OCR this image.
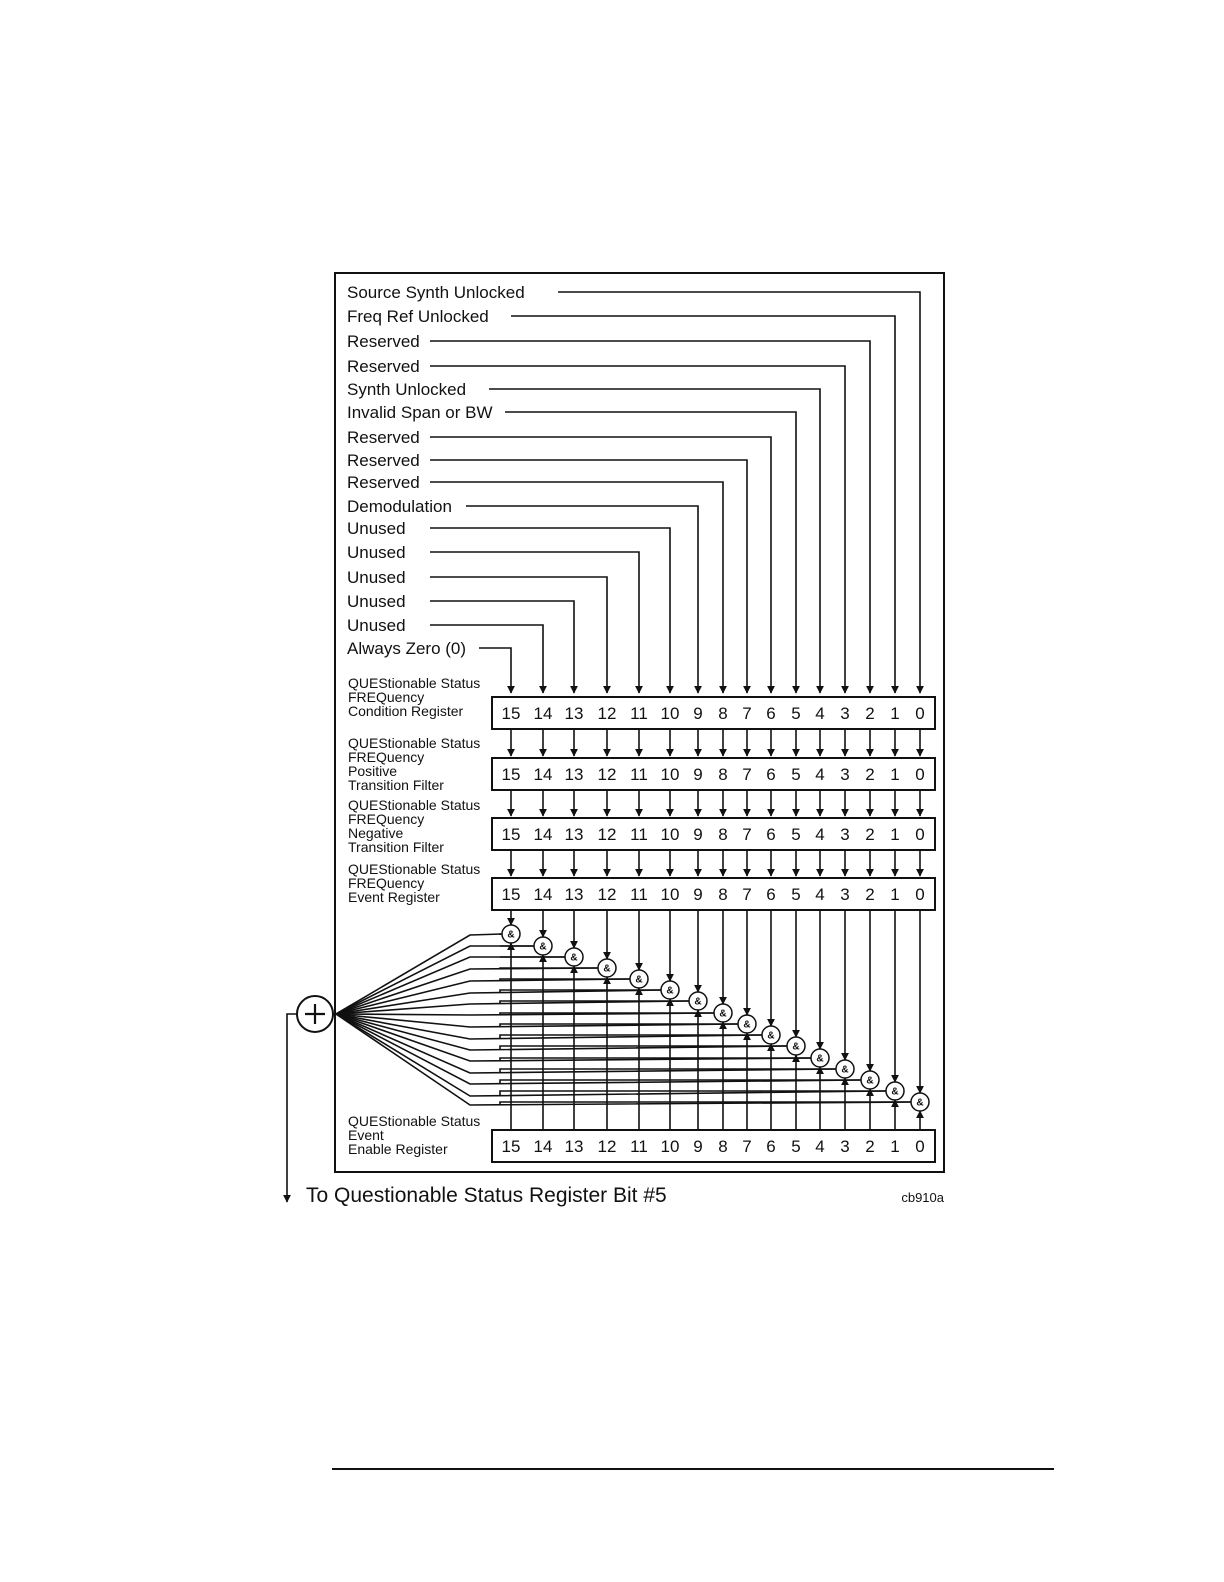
Source Synth Unlocked
Freq Ref Unlocked
Reserved
Reserved
Synth Unlocked
Invalid Span or BW
Reserved
Reserved
Reserved
Demodulation
Unused
Unused
Unused
Unused
Unused
Always Zero (0)
QUEStionable Status
FREQuency
Condition Register 15 14 13 12 11 10 9 8 7 6 5 4 3 2 1 0
QUEStionable Status
FREQuency
Positive
Transition Filter
15 14 13 12 11 10 9 8 7 6 5 4 3 2 1 0
QUEStionable Status
FREQuency
Negative
Transition Filter
15 14 13 12 11 10 9 8 7 6 5 4 3 2 1 0
QUEStionable Status
FREQuency
Event Register	15 14 13 12 11 10 9 8 7 6 5 4 3 2 1 0
QUEStionable Status
Event
Enable Register	15 14 13 12 11 10 9 8 7 6 5 4 3 2 1 0
&
&
&
&
&
&
&
&
&
&
&
&
&
&
&
&
To Questionable Status Register Bit #5	cb910a
